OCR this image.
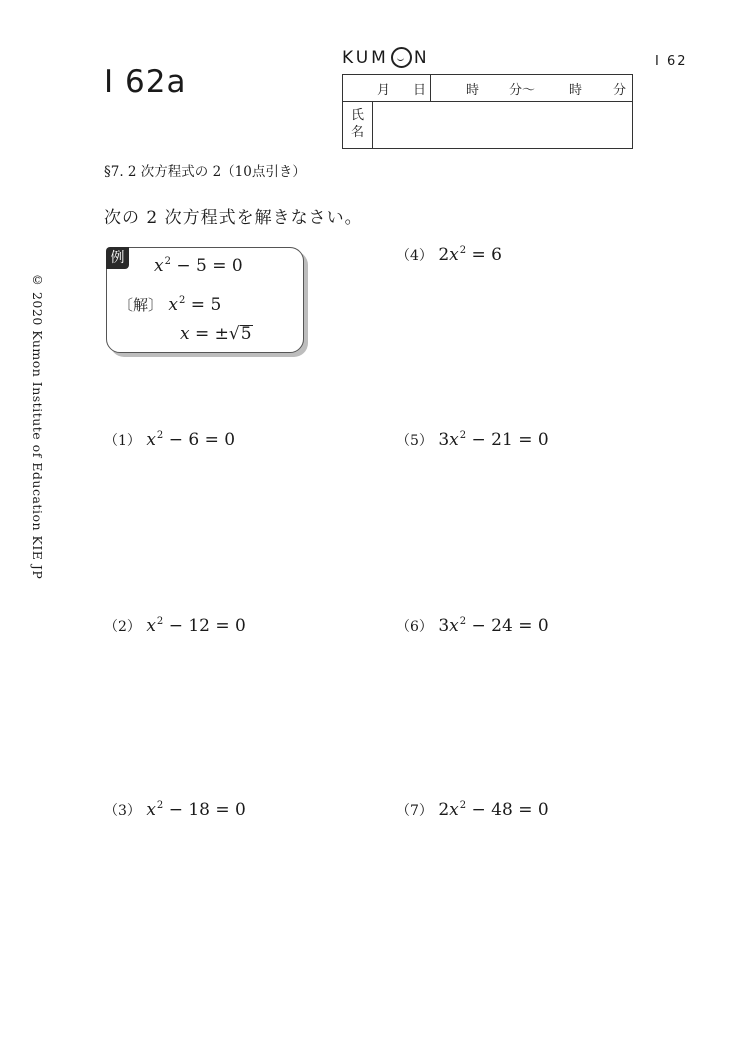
I 62a
I 62
KUM N
月 日	時 分〜	時 分
氏名
§7. 2 次方程式の 2（10点引き）
次の 2 次方程式を解きなさい。
例 $x^2 - 5 = 0$
〔解〕 $x^2 = 5$
x = ±√5
（1） $x^2 - 6 = 0$
（2） $x^2 - 12 = 0$
（3） $x^2 - 18 = 0$
（4） $2x^2 = 6$
（5） $3x^2 - 21 = 0$
（6） $3x^2 - 24 = 0$
（7） $2x^2 - 48 = 0$
© 2020 Kumon Institute of Education KIE JP
